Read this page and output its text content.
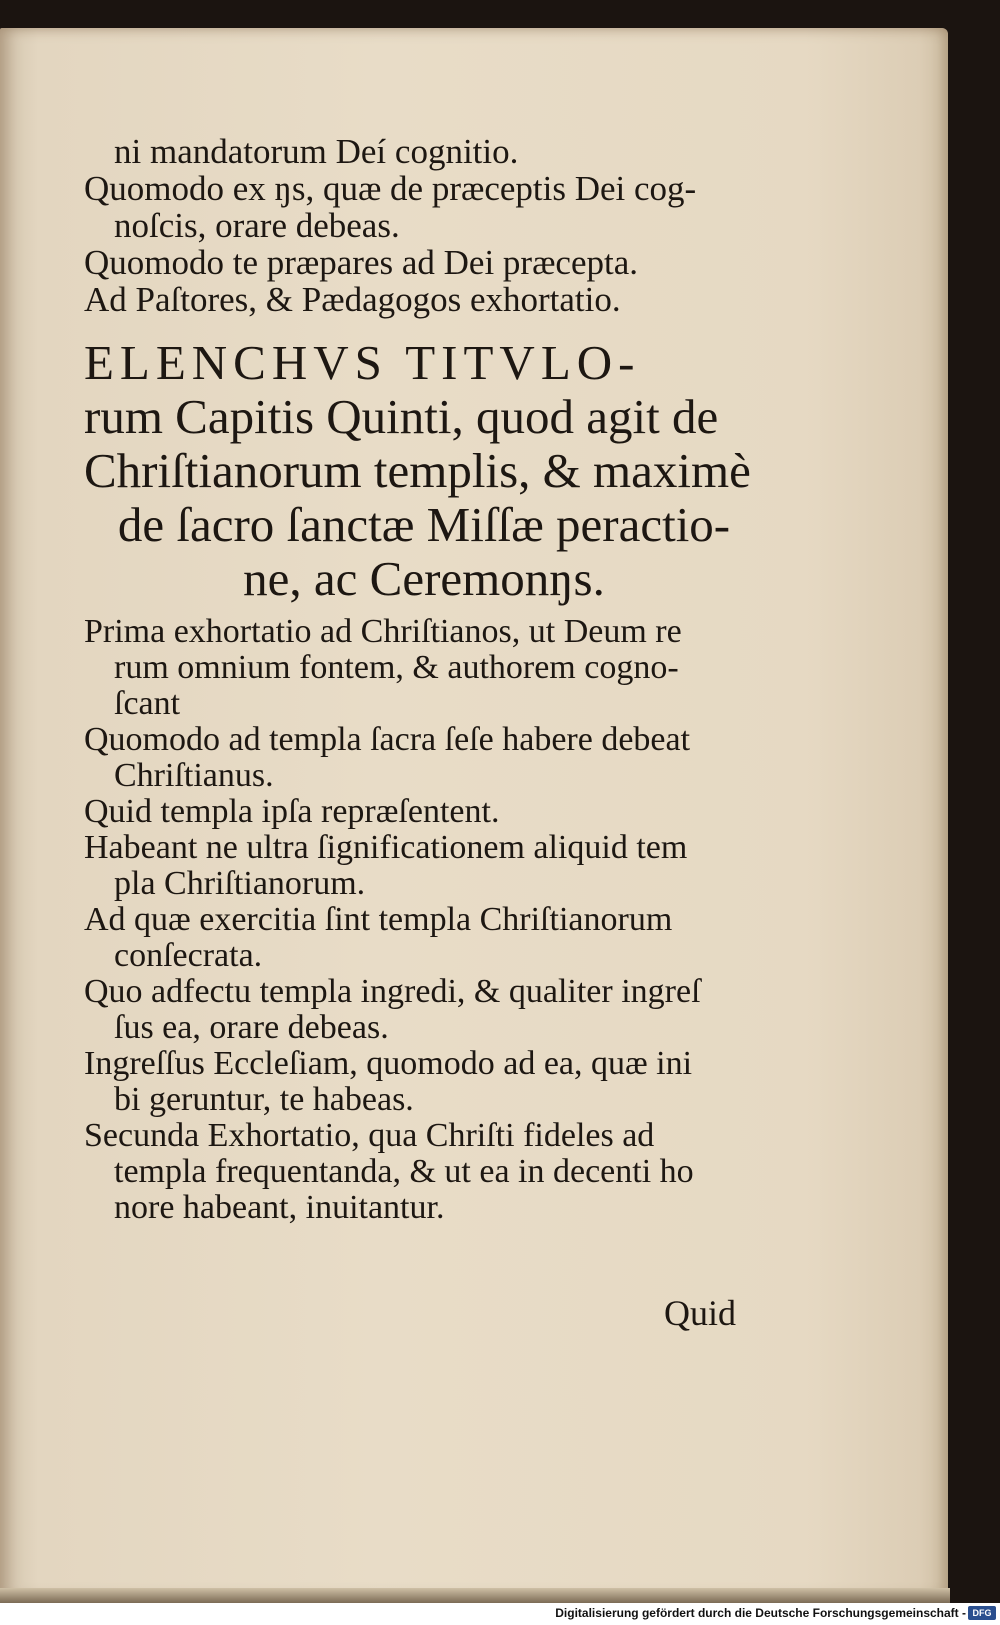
ni mandatorum Deí cognitio.
Quomodo ex ŋs, quæ de præceptis Dei cog-
noſcis, orare debeas.
Quomodo te præpares ad Dei præcepta.
Ad Paſtores, & Pædagogos exhortatio.
ELENCHVS TITVLO-
rum Capitis Quinti, quod agit de
Chriſtianorum templis, & maximè
de ſacro ſanctæ Miſſæ peractio-
ne, ac Ceremonŋs.
Prima exhortatio ad Chriſtianos, ut Deum re
rum omnium fontem, & authorem cogno-
ſcant
Quomodo ad templa ſacra ſeſe habere debeat
Chriſtianus.
Quid templa ipſa repræſentent.
Habeant ne ultra ſignificationem aliquid tem
pla Chriſtianorum.
Ad quæ exercitia ſint templa Chriſtianorum
conſecrata.
Quo adfectu templa ingredi, & qualiter ingreſ
ſus ea, orare debeas.
Ingreſſus Eccleſiam, quomodo ad ea, quæ ini
bi geruntur, te habeas.
Secunda Exhortatio, qua Chriſti fideles ad
templa frequentanda, & ut ea in decenti ho
nore habeant, inuitantur.
Quid
Digitalisierung gefördert durch die Deutsche Forschungsgemeinschaft - DFG
